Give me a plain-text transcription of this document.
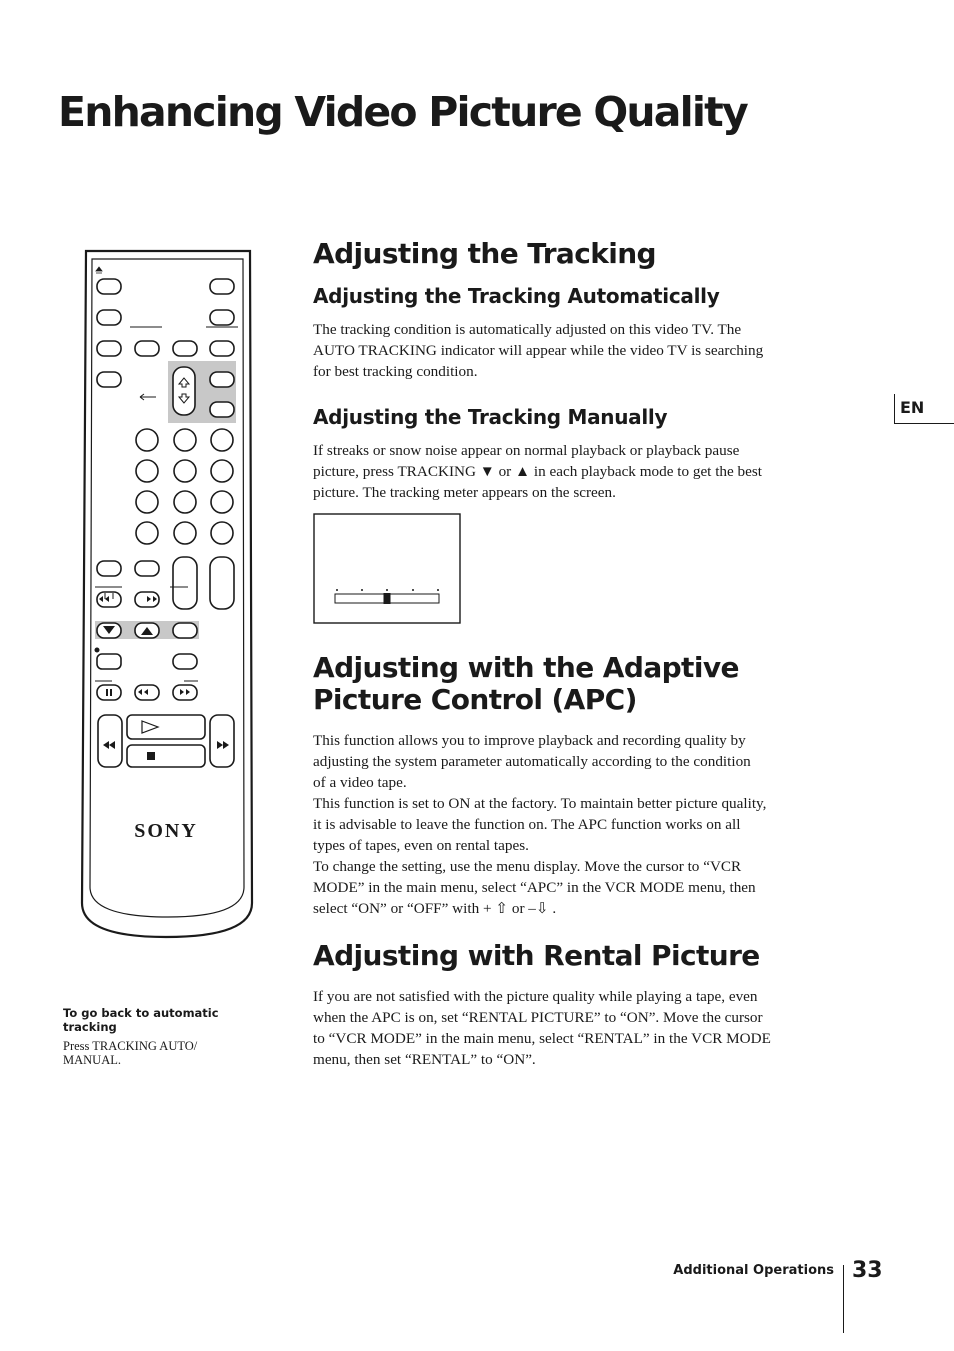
Enhancing Video Picture Quality
SONY
To go back to automatic tracking
Press TRACKING AUTO/ MANUAL.
Adjusting the Tracking
Adjusting the Tracking Automatically
The tracking condition is automatically adjusted on this video TV. The
AUTO TRACKING indicator will appear while the video TV is searching
for best tracking condition.
Adjusting the Tracking Manually
If streaks or snow noise appear on normal playback or playback pause
picture, press TRACKING ▼ or ▲ in each playback mode to get the best
picture. The tracking meter appears on the screen.
Adjusting with the Adaptive
Picture Control (APC)
This function allows you to improve playback and recording quality by
adjusting the system parameter automatically according to the condition
of a video tape.
This function is set to ON at the factory. To maintain better picture quality,
it is advisable to leave the function on. The APC function works on all
types of tapes, even on rental tapes.
To change the setting, use the menu display. Move the cursor to “VCR
MODE” in the main menu, select “APC” in the VCR MODE menu, then
select “ON” or “OFF” with + ⇧ or –⇩ .
Adjusting with Rental Picture
If you are not satisfied with the picture quality while playing a tape, even
when the APC is on, set “RENTAL PICTURE” to “ON”. Move the cursor
to “VCR MODE” in the main menu, select “RENTAL” in the VCR MODE
menu, then set “RENTAL” to “ON”.
EN
Additional Operations 33
